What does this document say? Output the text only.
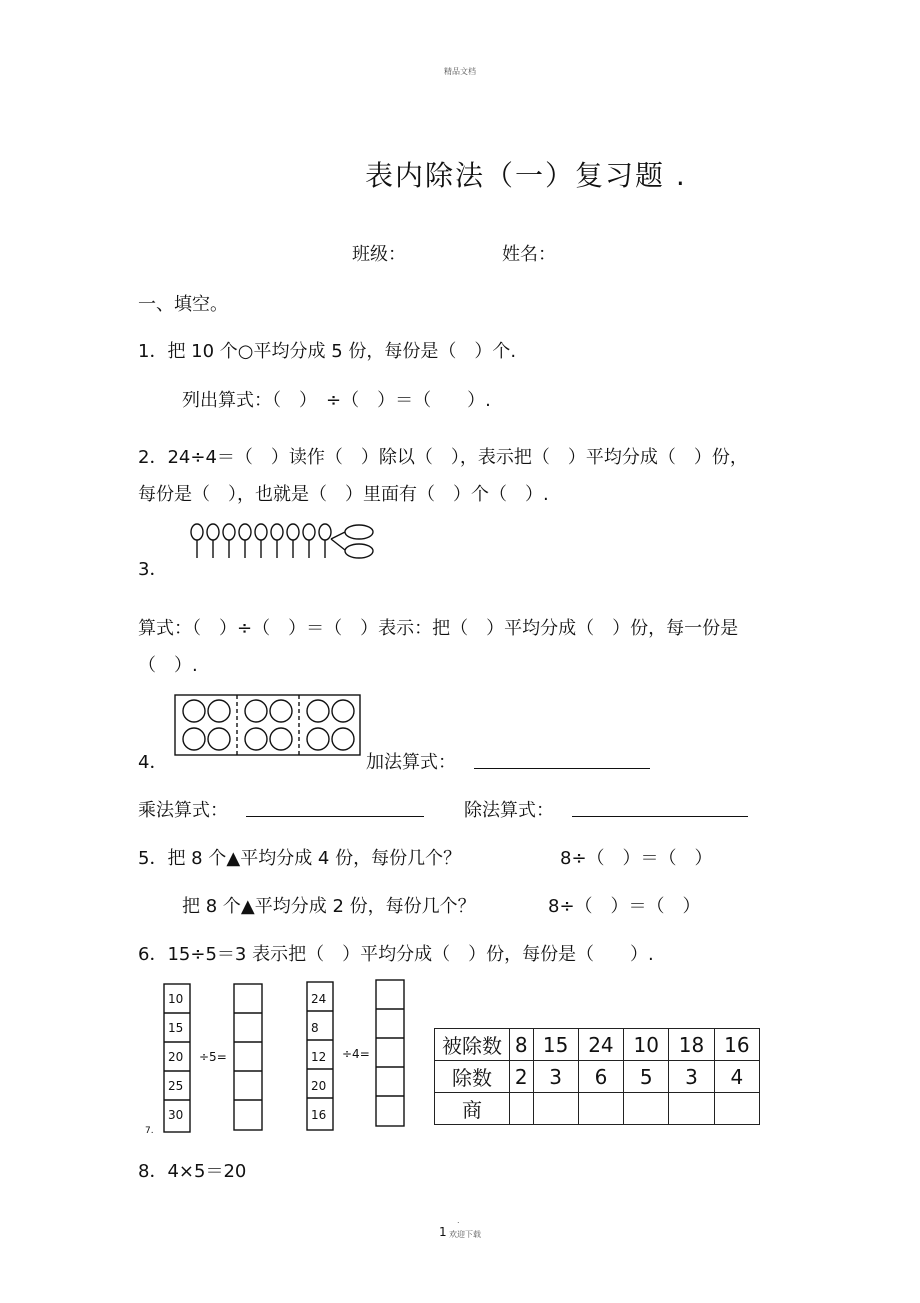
精品文档
表内除法（一）复习题 .
班级：	姓名：
一、填空。
1．把 10 个○平均分成 5 份，每份是（　）个.
列出算式：（　）　÷（　）＝（　　）.
2．24÷4＝（　）读作（　）除以（　），表示把（　）平均分成（　）份，
每份是（　），也就是（　）里面有（　）个（　）.
3．
算式：（　）÷（　）＝（　）表示：把（　）平均分成（　）份，每一份是
（　）.
4．	加法算式：
乘法算式：	除法算式：
5．把 8 个▲平均分成 4 份，每份几个？	8÷（　）＝（　）
把 8 个▲平均分成 2 份，每份几个？	8÷（　）＝（　）
6．15÷5＝3 表示把（　）平均分成（　）份，每份是（　　）.
10
15
20
25
30
÷5=
24
8
12
20
16
÷4=
7.
被除数	8	15	24	10	18	16
除数	2	3	6	5	3	4
商						
8．4×5＝20
.
1 欢迎下载
